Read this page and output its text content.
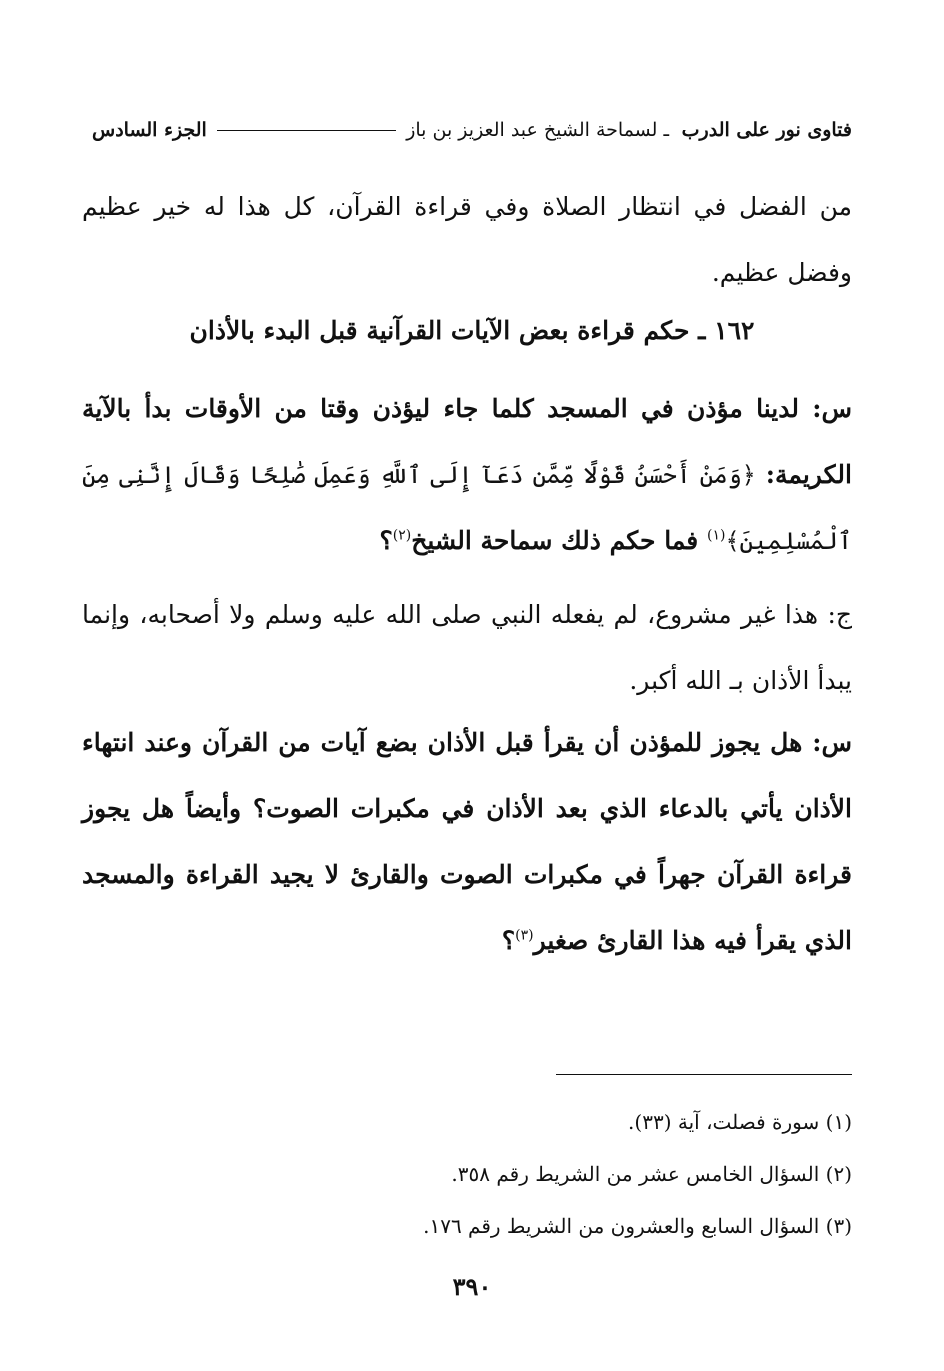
فتاوى نور على الدرب ـ لسماحة الشيخ عبد العزيز بن باز
الجزء السادس

من الفضل في انتظار الصلاة وفي قراءة القرآن، كل هذا له خير عظيم وفضل عظيم.

١٦٢ ـ حكم قراءة بعض الآيات القرآنية قبل البدء بالأذان

س: لدينا مؤذن في المسجد كلما جاء ليؤذن وقتا من الأوقات بدأ بالآية الكريمة: ﴿وَمَنْ أَحْسَنُ قَوْلًا مِّمَّن دَعَآ إِلَى ٱللَّهِ وَعَمِلَ صَٰلِحًا وَقَالَ إِنَّنِى مِنَ ٱلْمُسْلِمِينَ﴾$^{(١)}$ فما حكم ذلك سماحة الشيخ$^{(٢)}$؟

ج: هذا غير مشروع، لم يفعله النبي صلى الله عليه وسلم ولا أصحابه، وإنما يبدأ الأذان بـ الله أكبر.

س: هل يجوز للمؤذن أن يقرأ قبل الأذان بضع آيات من القرآن وعند انتهاء الأذان يأتي بالدعاء الذي بعد الأذان في مكبرات الصوت؟ وأيضاً هل يجوز قراءة القرآن جهراً في مكبرات الصوت والقارئ لا يجيد القراءة والمسجد الذي يقرأ فيه هذا القارئ صغير$^{(٣)}$؟

(١) سورة فصلت، آية (٣٣).

(٢) السؤال الخامس عشر من الشريط رقم ٣٥٨.

(٣) السؤال السابع والعشرون من الشريط رقم ١٧٦.

٣٩٠
